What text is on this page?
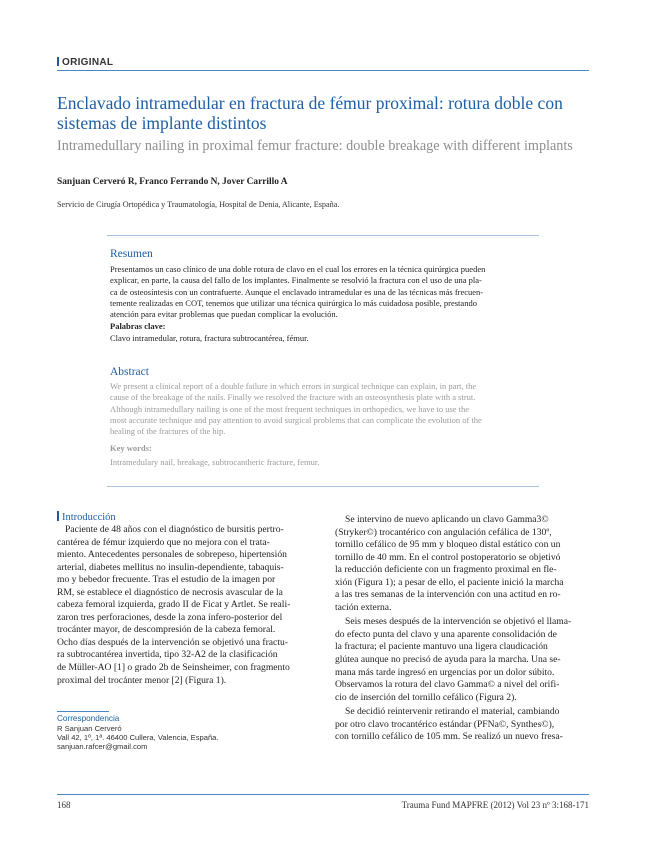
ORIGINAL
Enclavado intramedular en fractura de fémur proximal: rotura doble con sistemas de implante distintos
Intramedullary nailing in proximal femur fracture: double breakage with different implants
Sanjuan Cerveró R, Franco Ferrando N, Jover Carrillo A
Servicio de Cirugía Ortopédica y Traumatología, Hospital de Denia, Alicante, España.
Resumen
Presentamos un caso clínico de una doble rotura de clavo en el cual los errores en la técnica quirúrgica pueden
explicar, en parte, la causa del fallo de los implantes. Finalmente se resolvió la fractura con el uso de una pla-
ca de osteosíntesis con un contrafuerte. Aunque el enclavado intramedular es una de las técnicas más frecuen-
temente realizadas en COT, tenemos que utilizar una técnica quirúrgica lo más cuidadosa posible, prestando
atención para evitar problemas que puedan complicar la evolución.
Palabras clave:
Clavo intramedular, rotura, fractura subtrocantérea, fémur.
Abstract
We present a clinical report of a double failure in which errors in surgical technique can explain, in part, the
cause of the breakage of the nails. Finally we resolved the fracture with an osteosynthesis plate with a strut.
Although intramedullary nailing is one of the most frequent techniques in orthopedics, we have to use the
most accurate technique and pay attention to avoid surgical problems that can complicate the evolution of the
healing of the fractures of the hip.
Key words:
Intramedulary nail, breakage, subtrocantheric fracture, femur.
Introducción
Paciente de 48 años con el diagnóstico de bursitis pertro-
cantérea de fémur izquierdo que no mejora con el trata-
miento. Antecedentes personales de sobrepeso, hipertensión
arterial, diabetes mellitus no insulin-dependiente, tabaquis-
mo y bebedor frecuente. Tras el estudio de la imagen por
RM, se establece el diagnóstico de necrosis avascular de la
cabeza femoral izquierda, grado II de Ficat y Artlet. Se reali-
zaron tres perforaciones, desde la zona ínfero-posterior del
trocánter mayor, de descompresión de la cabeza femoral.
Ocho días después de la intervención se objetivó una fractu-
ra subtrocantérea invertida, tipo 32-A2 de la clasificación
de Müller-AO [1] o grado 2b de Seinsheimer, con fragmento
proximal del trocánter menor [2] (Figura 1).
Se intervino de nuevo aplicando un clavo Gamma3©
(Stryker©) trocantérico con angulación cefálica de 130º,
tornillo cefálico de 95 mm y bloqueo distal estático con un
tornillo de 40 mm. En el control postoperatorio se objetivó
la reducción deficiente con un fragmento proximal en fle-
xión (Figura 1); a pesar de ello, el paciente inició la marcha
a las tres semanas de la intervención con una actitud en ro-
tación externa.
Seis meses después de la intervención se objetivó el llama-
do efecto punta del clavo y una aparente consolidación de
la fractura; el paciente mantuvo una ligera claudicación
glútea aunque no precisó de ayuda para la marcha. Una se-
mana más tarde ingresó en urgencias por un dolor súbito.
Observamos la rotura del clavo Gamma© a nivel del orifi-
cio de inserción del tornillo cefálico (Figura 2).
Se decidió reintervenir retirando el material, cambiando
por otro clavo trocantérico estándar (PFNa©, Synthes©),
con tornillo cefálico de 105 mm. Se realizó un nuevo fresa-
Correspondencia
R Sanjuan Cerveró
Vall 42, 1º, 1ª. 46400 Cullera, Valencia, España.
sanjuan.rafcer@gmail.com
168	Trauma Fund MAPFRE (2012) Vol 23 nº 3:168-171
